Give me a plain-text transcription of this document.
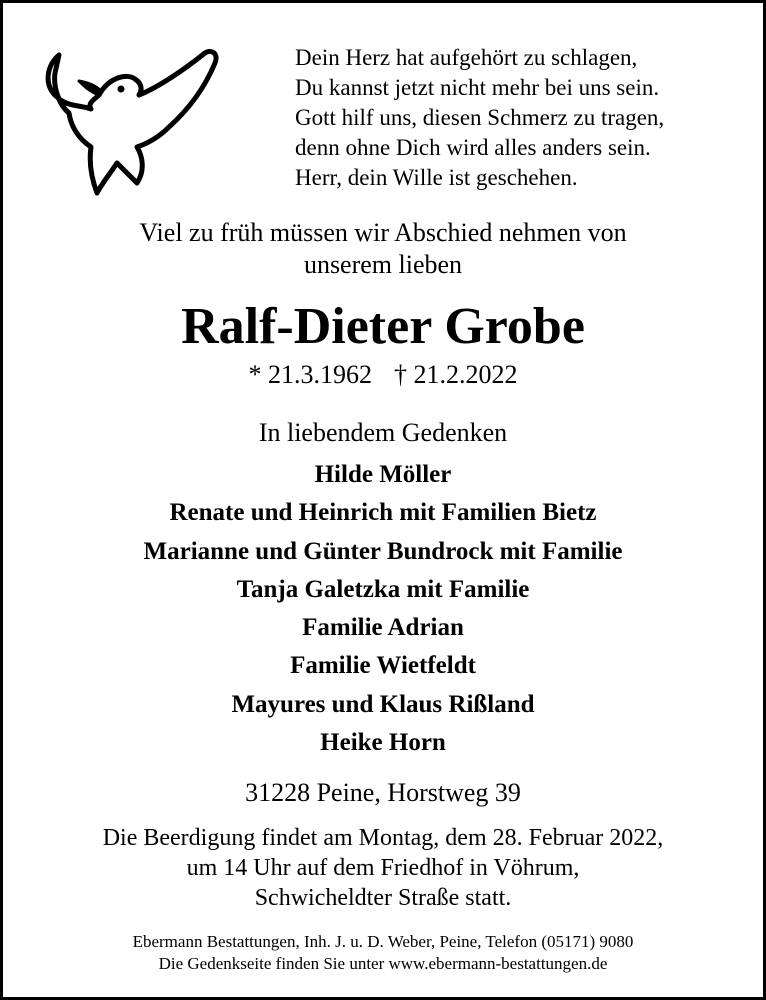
Dein Herz hat aufgehört zu schlagen,
Du kannst jetzt nicht mehr bei uns sein.
Gott hilf uns, diesen Schmerz zu tragen,
denn ohne Dich wird alles anders sein.
Herr, dein Wille ist geschehen.
Viel zu früh müssen wir Abschied nehmen von
unserem lieben
Ralf-Dieter Grobe
* 21.3.1962 † 21.2.2022
In liebendem Gedenken
Hilde Möller
Renate und Heinrich mit Familien Bietz
Marianne und Günter Bundrock mit Familie
Tanja Galetzka mit Familie
Familie Adrian
Familie Wietfeldt
Mayures und Klaus Rißland
Heike Horn
31228 Peine, Horstweg 39
Die Beerdigung findet am Montag, dem 28. Februar 2022,
um 14 Uhr auf dem Friedhof in Vöhrum,
Schwicheldter Straße statt.
Ebermann Bestattungen, Inh. J. u. D. Weber, Peine, Telefon (05171) 9080
Die Gedenkseite finden Sie unter www.ebermann-bestattungen.de
